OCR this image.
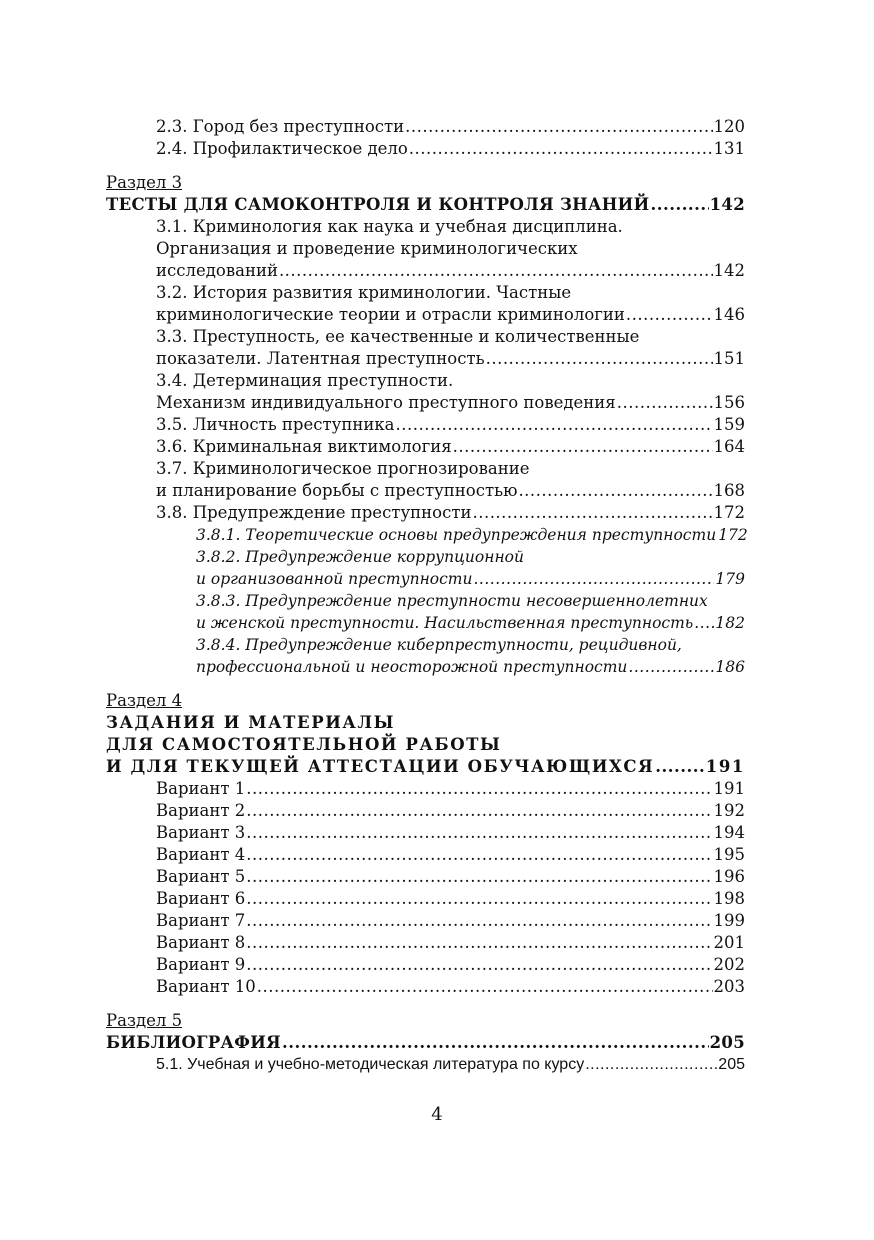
2.3. Город без преступности .....	120
2.4. Профилактическое дело .....	131
Раздел 3
ТЕСТЫ ДЛЯ САМОКОНТРОЛЯ И КОНТРОЛЯ ЗНАНИЙ .....	142
3.1. Криминология как наука и учебная дисциплина.
Организация и проведение криминологических
исследований .....	142
3.2. История развития криминологии. Частные
криминологические теории и отрасли криминологии .....	146
3.3. Преступность, ее качественные и количественные
показатели. Латентная преступность .....	151
3.4. Детерминация преступности.
Механизм индивидуального преступного поведения .....	156
3.5. Личность преступника .....	159
3.6. Криминальная виктимология .....	164
3.7. Криминологическое прогнозирование
и планирование борьбы с преступностью .....	168
3.8. Предупреждение преступности .....	172
3.8.1. Теоретические основы предупреждения преступности 172
3.8.2. Предупреждение коррупционной
и организованной преступности .....	179
3.8.3. Предупреждение преступности несовершеннолетних
и женской преступности. Насильственная преступность ..... 182
3.8.4. Предупреждение киберпреступности, рецидивной,
профессиональной и неосторожной преступности .....	186
Раздел 4
ЗАДАНИЯ И МАТЕРИАЛЫ
ДЛЯ САМОСТОЯТЕЛЬНОЙ РАБОТЫ
И ДЛЯ ТЕКУЩЕЙ АТТЕСТАЦИИ ОБУЧАЮЩИХСЯ .....	191
Вариант 1 .....	191
Вариант 2 .....	192
Вариант 3 .....	194
Вариант 4 .....	195
Вариант 5 .....	196
Вариант 6 .....	198
Вариант 7 .....	199
Вариант 8 .....	201
Вариант 9 .....	202
Вариант 10 .....	203
Раздел 5
БИБЛИОГРАФИЯ .....	205
5.1. Учебная и учебно-методическая литература по курсу .....	205
4
